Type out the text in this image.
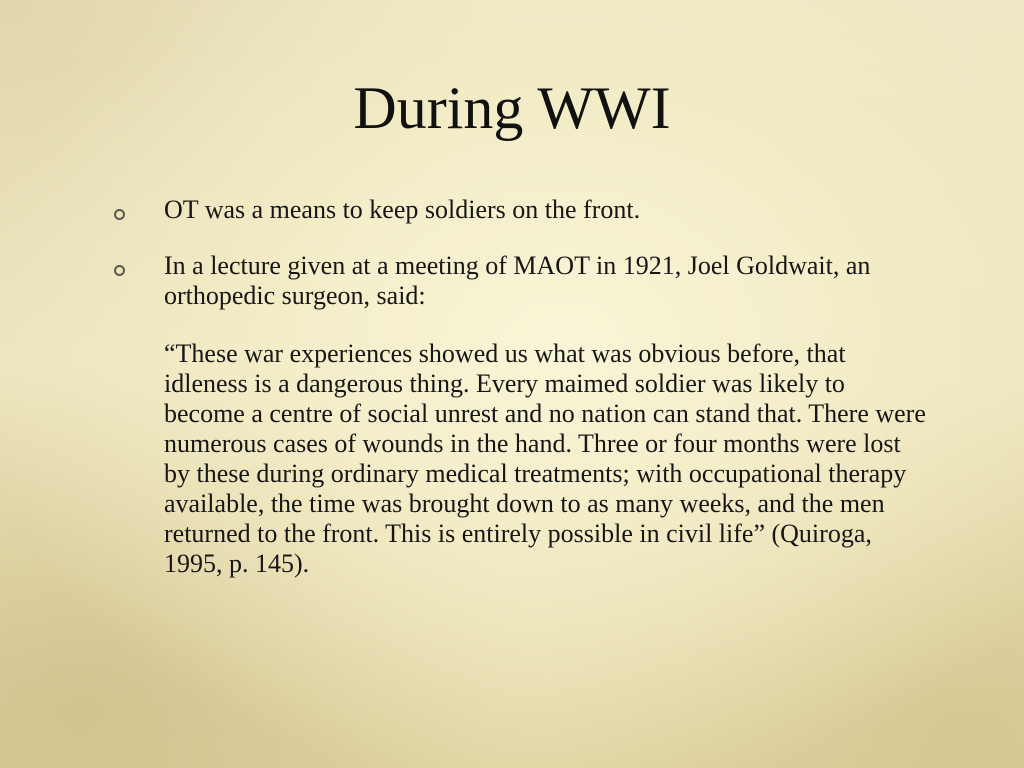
During WWI

OT was a means to keep soldiers on the front.

In a lecture given at a meeting of MAOT in 1921, Joel Goldwait, an orthopedic surgeon, said:

“These war experiences showed us what was obvious before, that idleness is a dangerous thing. Every maimed soldier was likely to become a centre of social unrest and no nation can stand that. There were numerous cases of wounds in the hand. Three or four months were lost by these during ordinary medical treatments; with occupational therapy available, the time was brought down to as many weeks, and the men returned to the front. This is entirely possible in civil life” (Quiroga, 1995, p. 145).
